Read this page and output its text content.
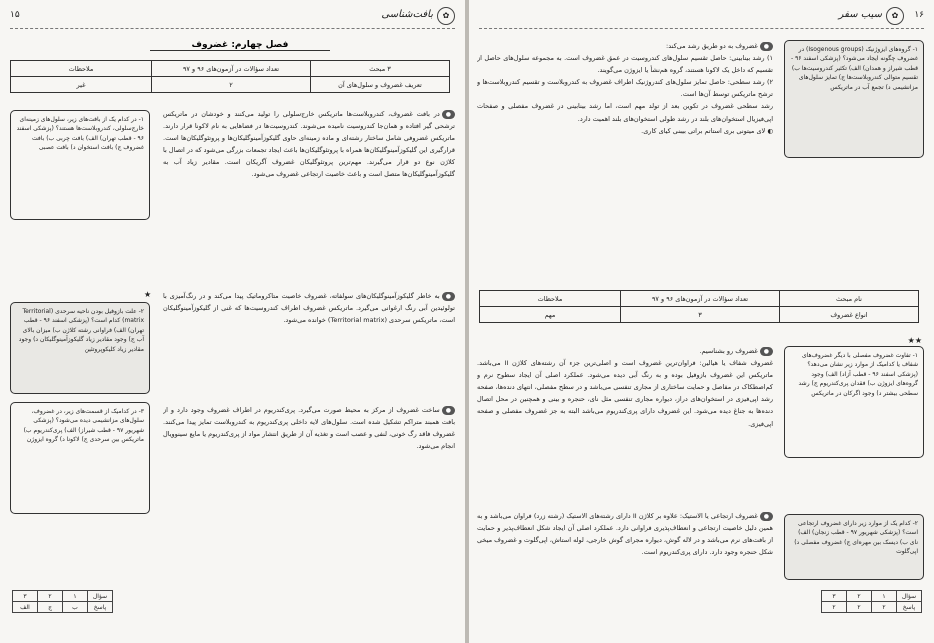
۱۵	✿
بافت‌شناسی
فصل چهارم: غضروف
۳ مبحث	تعداد سؤالات در آزمون‌های ۹۶ و ۹۷	ملاحظات
تعریف غضروف و سلول‌های آن	۲	غیر
●در بافت غضروف، کندروبلاست‌ها ماتریکس خارج‌سلولی را تولید می‌کنند و خودشان در ماتریکس ترشحی گیر افتاده و همان‌جا کندروسیت نامیده می‌شوند. کندروسیت‌ها در فضاهایی به نام لاکونا قرار دارند. ماتریکس غضروفی شامل ساختار رشته‌ای و ماده زمینه‌ای حاوی گلیکوزآمینوگلیکان‌ها و پروتئوگلیکان‌ها است. قرارگیری این گلیکوزآمینوگلیکان‌ها همراه با پروتئوگلیکان‌ها باعث ایجاد تجمعات بزرگی می‌شود که در اتصال با کلاژن نوع دو قرار می‌گیرند. مهم‌ترین پروتئوگلیکان غضروف آگریکان است. مقادیر زیاد آب به گلیکوزآمینوگلیکان‌ها متصل است و باعث خاصیت ارتجاعی غضروف می‌شود.
●به خاطر گلیکوزآمینوگلیکان‌های سولفاته، غضروف خاصیت متاکروماتیک پیدا می‌کند و در رنگ‌آمیزی با تولوئیدین آبی رنگ ارغوانی می‌گیرد. ماتریکس غضروف اطراف کندروسیت‌ها که غنی از گلیکوزآمینوگلیکان است، ماتریکس سرحدی (Territorial matrix) خوانده می‌شود.
●ساخت غضروف از مرکز به محیط صورت می‌گیرد. پری‌کندریوم در اطراف غضروف وجود دارد و از بافت همبند متراکم تشکیل شده است. سلول‌های لایه داخلی پری‌کندریوم به کندروبلاست تمایز پیدا می‌کنند. غضروف فاقد رگ خونی، لنفی و عصب است و تغذیه آن از طریق انتشار مواد از پری‌کندریوم یا مایع سینوویال انجام می‌شود.
۱- در کدام یک از بافت‌های زیر، سلول‌های زمینه‌ای خارج‌سلولی، کندروبلاست‌ها هستند؟ (پزشکی اسفند ۹۶ - قطب تهران) الف) بافت چربی ب) بافت غضروف ج) بافت استخوان د) بافت عصبی
★
۲- علت بازوفیل بودن ناحیه سرحدی (Territorial matrix) کدام است؟ (پزشکی اسفند ۹۶ - قطب تهران) الف) فراوانی رشته کلاژن ب) میزان بالای آب ج) وجود مقادیر زیاد گلیکوزآمینوگلیکان د) وجود مقادیر زیاد کلیکوپروتئین
۳- در کدامیک از قسمت‌های زیر، در غضروف، سلول‌های مزانشیمی دیده می‌شود؟ (پزشکی شهریور ۹۷ - قطب شیراز) الف) پری‌کندریوم ب) ماتریکس بین سرحدی ج) لاکونا د) گروه ایزوژن
سؤال	۱	۲	۳
پاسخ	ب	ج	الف
۱۶
✿
سیب سفر
۱- گروه‌های ایزوژنیک (Isogenous groups) در غضروف چگونه ایجاد می‌شود؟ (پزشکی اسفند ۹۶ - قطب شیراز و همدان) الف) تکثیر کندروسیت‌ها ب) تقسیم متوالی کندروبلاست‌ها ج) تمایز سلول‌های مزانشیمی د) تجمع آب در ماتریکس
●غضروف به دو طریق رشد می‌کند:
۱) رشد بینابینی: حاصل تقسیم سلول‌های کندروسیت در عمق غضروف است. به مجموعه سلول‌های حاصل از تقسیم که داخل یک لاکونا هستند، گروه هم‌نشأ یا ایزوژن می‌گویند.
۲) رشد سطحی: حاصل تمایز سلول‌های کندروژنیک اطراف غضروف به کندروبلاست و تقسیم کندروبلاست‌ها و ترشح ماتریکس توسط آن‌ها است.
رشد سطحی غضروف در تکوین بعد از تولد مهم است، اما رشد بینابینی در غضروف مفصلی و صفحات اپی‌فیزیال استخوان‌های بلند در رشد طولی استخوان‌های بلند اهمیت دارد.
◐ لای میتونی بری استاتم براتی بیبنی کیای کاری.
نام مبحث	تعداد سؤالات در آزمون‌های ۹۶ و ۹۷	ملاحظات
انواع غضروف	۳	مهم
★★
۱- تفاوت غضروف مفصلی با دیگر غضروف‌های شفاف یا کدامیک از موارد زیر نشان می‌دهد؟ (پزشکی اسفند ۹۶ - قطب آزاد) الف) وجود گروه‌های ایزوژن ب) فقدان پری‌کندریوم ج) رشد سطحی بیشتر د) وجود اگرکان در ماتریکس
۲- کدام یک از موارد زیر دارای غضروف ارتجاعی است؟ (پزشکی شهریور ۹۷ - قطب زنجان) الف) نای ب) دیسک بین مهره‌ای ج) غضروف مفصلی د) اپی‌گلوت
●غضروف رو بشناسیم.
غضروف شفاف یا هیالین: فراوان‌ترین غضروف است و اصلی‌ترین جزء آن رشته‌های کلاژن II می‌باشد. ماتریکس این غضروف بازوفیل بوده و به رنگ آبی دیده می‌شود. عملکرد اصلی آن ایجاد سطوح نرم و کم‌اصطکاک در مفاصل و حمایت ساختاری از مجاری تنفسی می‌باشد و در سطح مفصلی، انتهای دنده‌ها، صفحه رشد اپی‌فیزی در استخوان‌های دراز، دیواره مجاری تنفسی مثل نای، حنجره و بینی و همچنین در محل اتصال دنده‌ها به جناغ دیده می‌شود. این غضروف دارای پری‌کندریوم می‌باشد البته به جز غضروف مفصلی و صفحه اپی‌فیزی.
●غضروف ارتجاعی یا الاستیک: علاوه بر کلاژن II دارای رشته‌های الاستیک (رشته زرد) فراوان می‌باشد و به همین دلیل خاصیت ارتجاعی و انعطاف‌پذیری فراوانی دارد. عملکرد اصلی آن ایجاد شکل انعطاف‌پذیر و حمایت از بافت‌های نرم می‌باشد و در لاله گوش، دیواره مجرای گوش خارجی، لوله استاش، اپی‌گلوت و غضروف میخی شکل حنجره وجود دارد. دارای پری‌کندریوم است.
سؤال	۱	۲	۳
پاسخ	۲	۲	۲
